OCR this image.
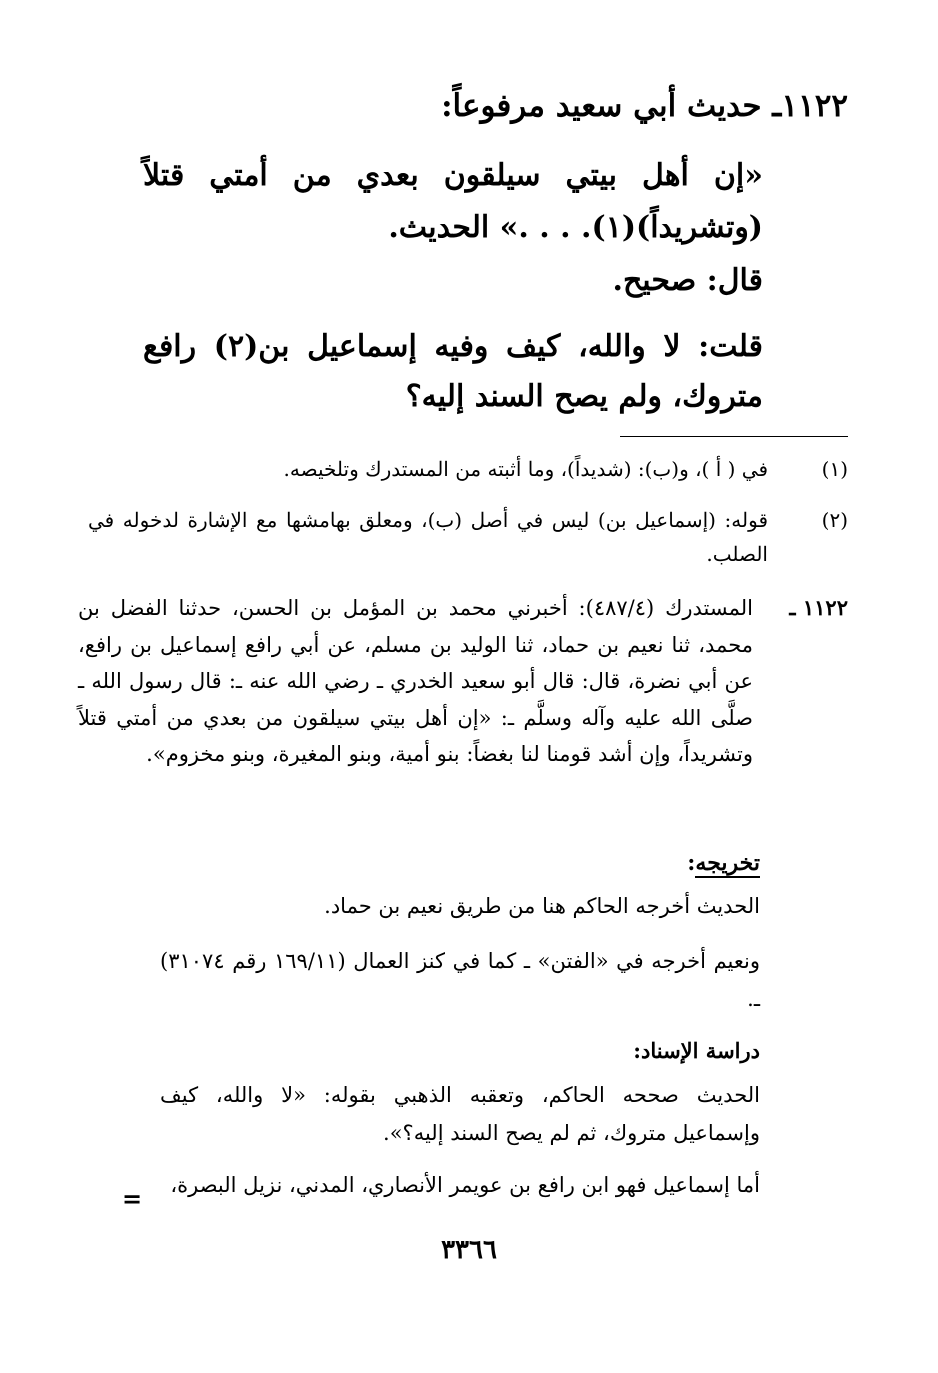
١١٢٢ـ حديث أبي سعيد مرفوعاً:
«إن أهل بيتي سيلقون بعدي من أمتي قتلاً (وتشريداً)(١). . . .» الحديث.
قال: صحيح.
قلت: لا والله، كيف وفيه إسماعيل بن(٢) رافع متروك، ولم يصح السند إليه؟
(١)
في ( أ )، و(ب): (شديداً)، وما أثبته من المستدرك وتلخيصه.
(٢)
قوله: (إسماعيل بن) ليس في أصل (ب)، ومعلق بهامشها مع الإشارة لدخوله في الصلب.
١١٢٢ ـ
المستدرك (٤٨٧/٤): أخبرني محمد بن المؤمل بن الحسن، حدثنا الفضل بن محمد، ثنا نعيم بن حماد، ثنا الوليد بن مسلم، عن أبي رافع إسماعيل بن رافع، عن أبي نضرة، قال: قال أبو سعيد الخدري ـ رضي الله عنه ـ: قال رسول الله ـ صلَّى الله عليه وآله وسلَّم ـ: «إن أهل بيتي سيلقون من بعدي من أمتي قتلاً وتشريداً، وإن أشد قومنا لنا بغضاً: بنو أمية، وبنو المغيرة، وبنو مخزوم».
تخريجه:
الحديث أخرجه الحاكم هنا من طريق نعيم بن حماد.
ونعيم أخرجه في «الفتن» ـ كما في كنز العمال (١٦٩/١١ رقم ٣١٠٧٤) ـ.
دراسة الإسناد:
الحديث صححه الحاكم، وتعقبه الذهبي بقوله: «لا والله، كيف وإسماعيل متروك، ثم لم يصح السند إليه؟».
أما إسماعيل فهو ابن رافع بن عويمر الأنصاري، المدني، نزيل البصرة،
=
٣٣٦٦
